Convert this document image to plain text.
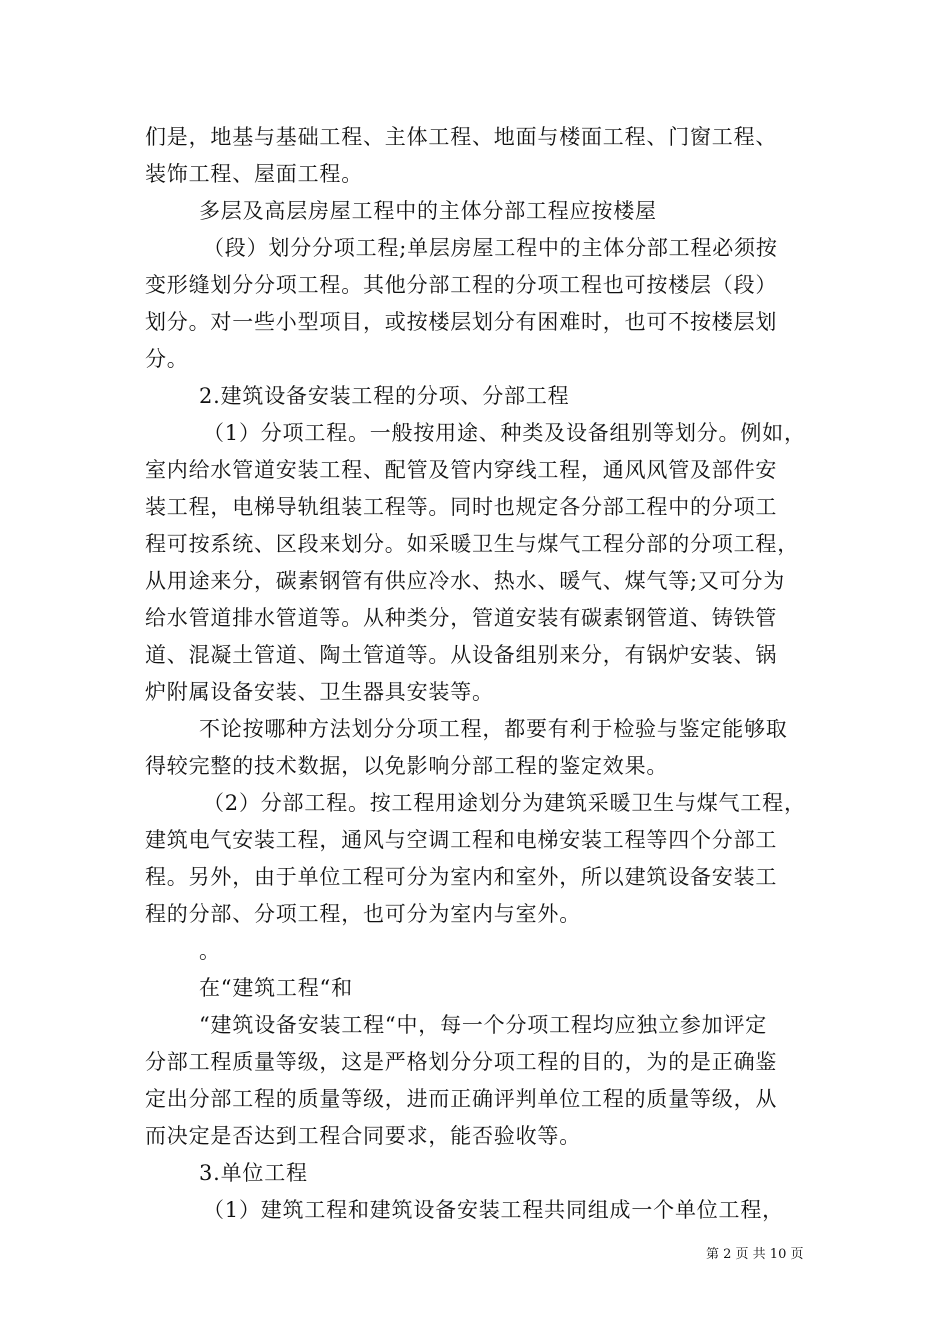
们是，地基与基础工程、主体工程、地面与楼面工程、门窗工程、

装饰工程、屋面工程。

多层及高层房屋工程中的主体分部工程应按楼屋

（段）划分分项工程;单层房屋工程中的主体分部工程必须按

变形缝划分分项工程。其他分部工程的分项工程也可按楼层（段）

划分。对一些小型项目，或按楼层划分有困难时，也可不按楼层划

分。

2.建筑设备安装工程的分项、分部工程

（1）分项工程。一般按用途、种类及设备组别等划分。例如，

室内给水管道安装工程、配管及管内穿线工程，通风风管及部件安

装工程，电梯导轨组装工程等。同时也规定各分部工程中的分项工

程可按系统、区段来划分。如采暖卫生与煤气工程分部的分项工程，

从用途来分，碳素钢管有供应冷水、热水、暖气、煤气等;又可分为

给水管道排水管道等。从种类分，管道安装有碳素钢管道、铸铁管

道、混凝土管道、陶土管道等。从设备组别来分，有锅炉安装、锅

炉附属设备安装、卫生器具安装等。

不论按哪种方法划分分项工程，都要有利于检验与鉴定能够取

得较完整的技术数据，以免影响分部工程的鉴定效果。

（2）分部工程。按工程用途划分为建筑采暖卫生与煤气工程，

建筑电气安装工程，通风与空调工程和电梯安装工程等四个分部工

程。另外，由于单位工程可分为室内和室外，所以建筑设备安装工

程的分部、分项工程，也可分为室内与室外。

。

在“建筑工程“和

“建筑设备安装工程“中，每一个分项工程均应独立参加评定

分部工程质量等级，这是严格划分分项工程的目的，为的是正确鉴

定出分部工程的质量等级，进而正确评判单位工程的质量等级，从

而决定是否达到工程合同要求，能否验收等。

3.单位工程

（1）建筑工程和建筑设备安装工程共同组成一个单位工程，

第 2 页 共 10 页
